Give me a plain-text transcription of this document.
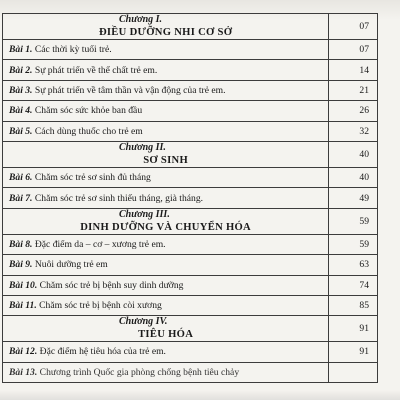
Chương I.
ĐIỀU DƯỠNG NHI CƠ SỞ	07
Bài 1. Các thời kỳ tuổi trẻ.	07
Bài 2. Sự phát triển về thể chất trẻ em.	14
Bài 3. Sự phát triển về tâm thần và vận động của trẻ em.	21
Bài 4. Chăm sóc sức khỏe ban đầu	26
Bài 5. Cách dùng thuốc cho trẻ em	32

Chương II.
SƠ SINH	40
Bài 6. Chăm sóc trẻ sơ sinh đủ tháng	40
Bài 7. Chăm sóc trẻ sơ sinh thiếu tháng, già tháng.	49

Chương III.
DINH DƯỠNG VÀ CHUYỂN HÓA	59
Bài 8. Đặc điểm da – cơ – xương trẻ em.	59
Bài 9. Nuôi dưỡng trẻ em	63
Bài 10. Chăm sóc trẻ bị bệnh suy dinh dưỡng	74
Bài 11. Chăm sóc trẻ bị bệnh còi xương	85

Chương IV.
TIÊU HÓA	91
Bài 12. Đặc điểm hệ tiêu hóa của trẻ em.	91
Bài 13. Chương trình Quốc gia phòng chống bệnh tiêu chảy	
